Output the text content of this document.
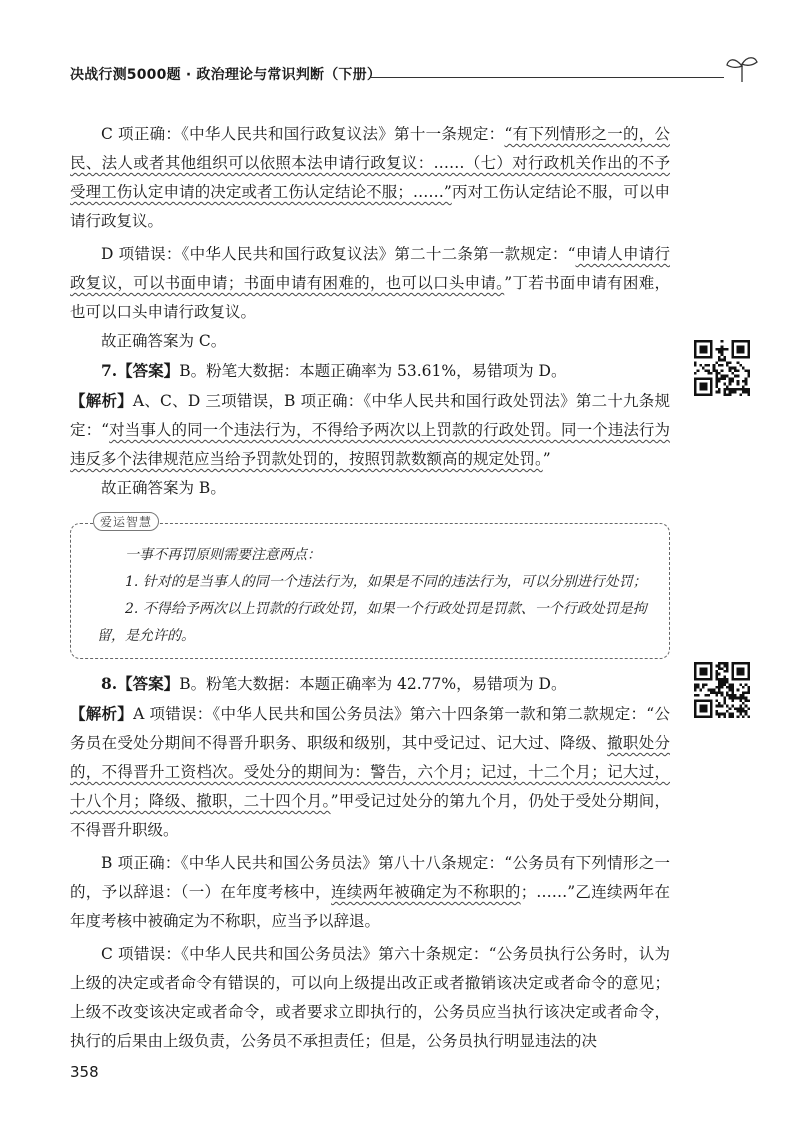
决战行测5000题 · 政治理论与常识判断（下册）

C 项正确：《中华人民共和国行政复议法》第十一条规定：“有下列情形之一的，公民、法人或者其他组织可以依照本法申请行政复议：……（七）对行政机关作出的不予受理工伤认定申请的决定或者工伤认定结论不服；……”丙对工伤认定结论不服，可以申请行政复议。

D 项错误：《中华人民共和国行政复议法》第二十二条第一款规定：“申请人申请行政复议，可以书面申请；书面申请有困难的，也可以口头申请。”丁若书面申请有困难，也可以口头申请行政复议。

故正确答案为 C。

7.【答案】B。粉笔大数据：本题正确率为 53.61%，易错项为 D。

【解析】A、C、D 三项错误，B 项正确：《中华人民共和国行政处罚法》第二十九条规定：“对当事人的同一个违法行为，不得给予两次以上罚款的行政处罚。同一个违法行为违反多个法律规范应当给予罚款处罚的，按照罚款数额高的规定处罚。”

故正确答案为 B。

爱运智慧
一事不再罚原则需要注意两点：
1. 针对的是当事人的同一个违法行为，如果是不同的违法行为，可以分别进行处罚；
2. 不得给予两次以上罚款的行政处罚，如果一个行政处罚是罚款、一个行政处罚是拘留，是允许的。

8.【答案】B。粉笔大数据：本题正确率为 42.77%，易错项为 D。

【解析】A 项错误：《中华人民共和国公务员法》第六十四条第一款和第二款规定：“公务员在受处分期间不得晋升职务、职级和级别，其中受记过、记大过、降级、撤职处分的，不得晋升工资档次。受处分的期间为：警告，六个月；记过，十二个月；记大过，十八个月；降级、撤职，二十四个月。”甲受记过处分的第九个月，仍处于受处分期间，不得晋升职级。

B 项正确：《中华人民共和国公务员法》第八十八条规定：“公务员有下列情形之一的，予以辞退：（一）在年度考核中，连续两年被确定为不称职的；……”乙连续两年在年度考核中被确定为不称职，应当予以辞退。

C 项错误：《中华人民共和国公务员法》第六十条规定：“公务员执行公务时，认为上级的决定或者命令有错误的，可以向上级提出改正或者撤销该决定或者命令的意见；上级不改变该决定或者命令，或者要求立即执行的，公务员应当执行该决定或者命令，执行的后果由上级负责，公务员不承担责任；但是，公务员执行明显违法的决

358
